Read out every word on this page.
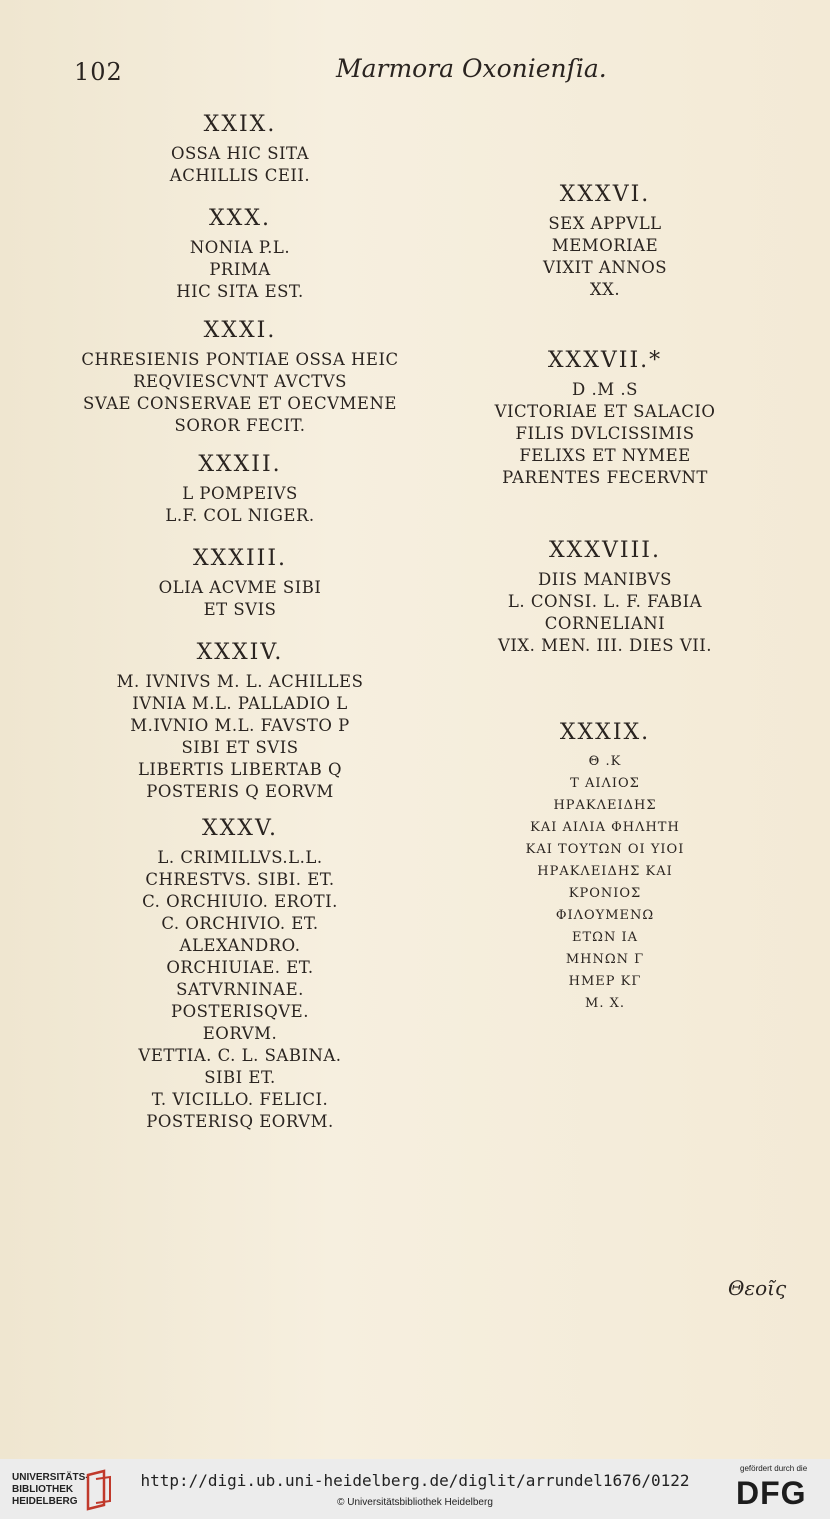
102	Marmora Oxonienſia.
XXIX.
OSSA HIC SITA
ACHILLIS CEII.
XXX.
NONIA P.L.
PRIMA
HIC SITA EST.
XXXI.
CHRESIENIS PONTIAE OSSA HEIC
REQVIESCVNT AVCTVS
SVAE CONSERVAE ET OECVMENE
SOROR FECIT.
XXXII.
L POMPEIVS
L.F. COL NIGER.
XXXIII.
OLIA ACVME SIBI
ET SVIS
XXXIV.
M. IVNIVS M. L. ACHILLES
IVNIA M.L. PALLADIO L
M.IVNIO M.L. FAVSTO P
SIBI ET SVIS
LIBERTIS LIBERTAB Q
POSTERIS Q EORVM
XXXV.
L. CRIMILLVS.L.L.
CHRESTVS. SIBI. ET.
C. ORCHIUIO. EROTI.
C. ORCHIVIO. ET.
ALEXANDRO.
ORCHIUIAE. ET.
SATVRNINAE.
POSTERISQVE.
EORVM.
VETTIA. C. L. SABINA.
SIBI ET.
T. VICILLO. FELICI.
POSTERISQ EORVM.
XXXVI.
SEX APPVLL
MEMORIAE
VIXIT ANNOS
XX.
XXXVII.*
D .M .S
VICTORIAE ET SALACIO
FILIS DVLCISSIMIS
FELIXS ET NYMEE
PARENTES FECERVNT
XXXVIII.
DIIS MANIBVS
L. CONSI. L. F. FABIA
CORNELIANI
VIX. MEN. III. DIES VII.
XXXIX.
Θ .Κ
Τ ΑΙΛΙΟΣ
ΗΡΑΚΛΕΙΔΗΣ
ΚΑΙ ΑΙΛΙΑ ΦΗΛΗΤΗ
ΚΑΙ ΤΟΥΤΩΝ ΟΙ ΥΙΟΙ
ΗΡΑΚΛΕΙΔΗΣ ΚΑΙ
ΚΡΟΝΙΟΣ
ΦΙΛΟΥΜΕΝΩ
ΕΤΩΝ ΙΑ
ΜΗΝΩΝ Γ
ΗΜΕΡ ΚΓ
Μ. Χ.
Θεοῖς
UNIVERSITÄTS-
BIBLIOTHEK
HEIDELBERG
http://digi.ub.uni-heidelberg.de/diglit/arrundel1676/0122
© Universitätsbibliothek Heidelberg
gefördert durch die
DFG
